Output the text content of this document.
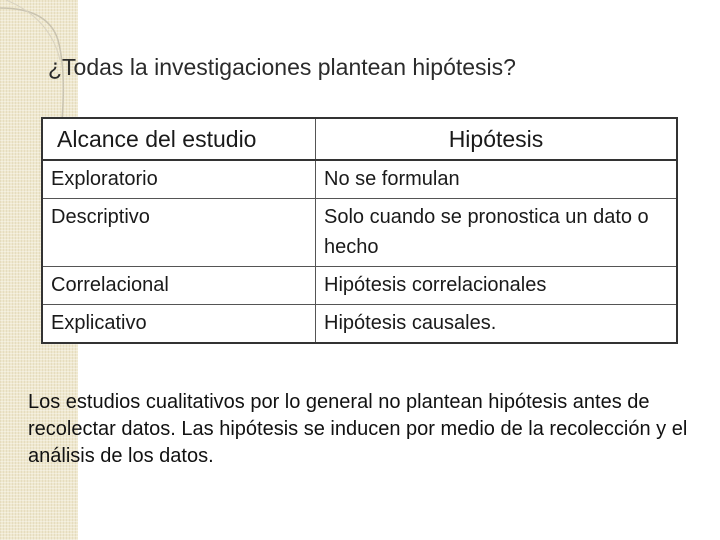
¿Todas la investigaciones plantean hipótesis?
Alcance del estudio	Hipótesis
Exploratorio	No se formulan
Descriptivo	Solo cuando se pronostica un dato o hecho
Correlacional	Hipótesis correlacionales
Explicativo	Hipótesis causales.
Los estudios cualitativos por lo general no plantean hipótesis antes de recolectar datos. Las hipótesis se inducen por medio de la recolección y el análisis de los datos.
